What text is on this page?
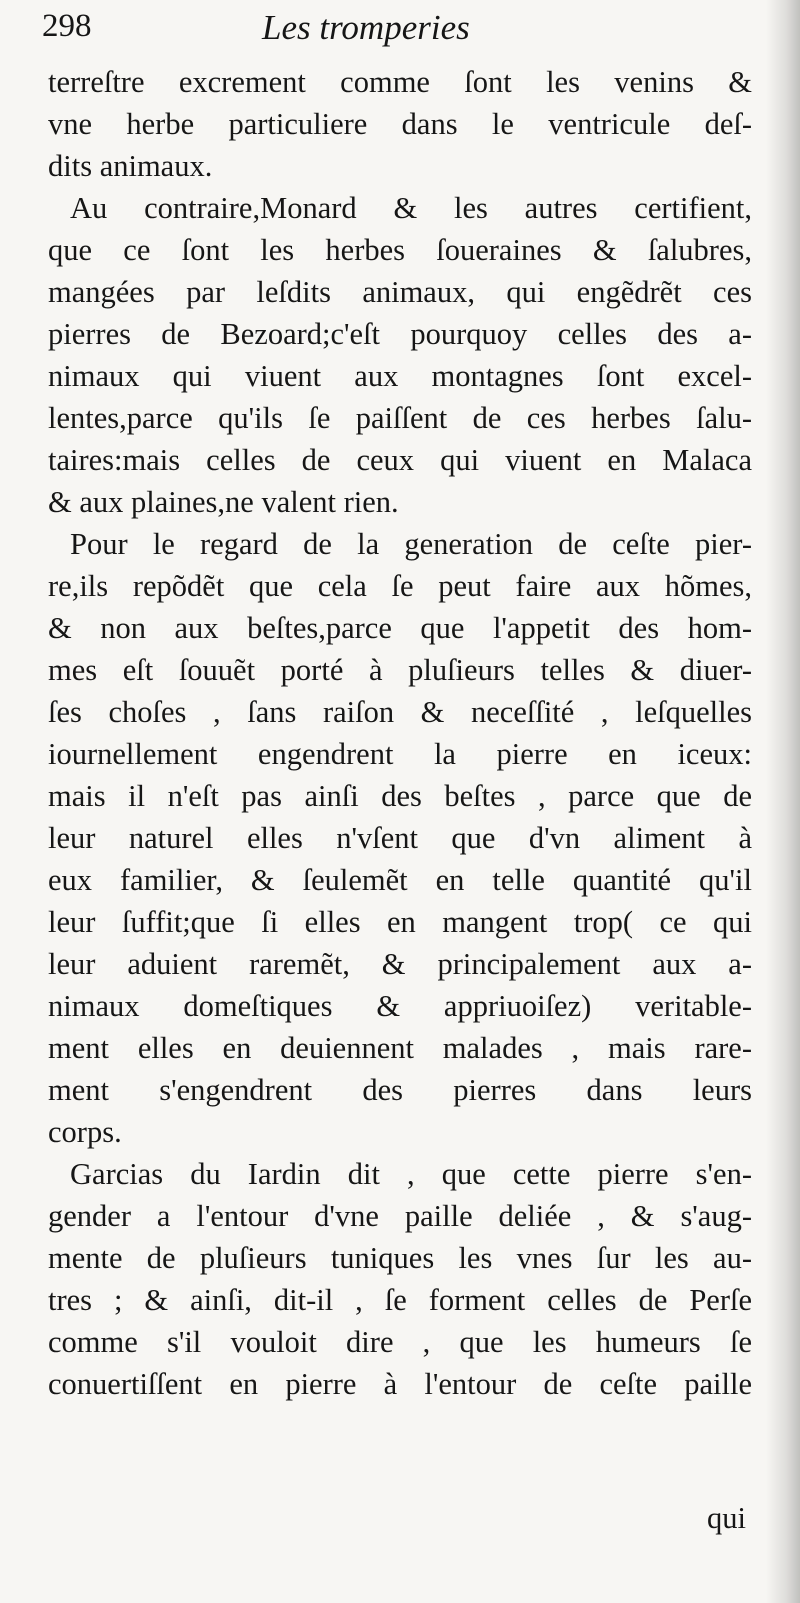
298	Les tromperies
terreſtre excrement comme ſont les venins &
vne herbe particuliere dans le ventricule deſ-
dits animaux.
Au contraire,Monard & les autres certifient,
que ce ſont les herbes ſoueraines & ſalubres,
mangées par leſdits animaux, qui engẽdrẽt ces
pierres de Bezoard;c'eſt pourquoy celles des a-
nimaux qui viuent aux montagnes ſont excel-
lentes,parce qu'ils ſe paiſſent de ces herbes ſalu-
taires:mais celles de ceux qui viuent en Malaca
& aux plaines,ne valent rien.
Pour le regard de la generation de ceſte pier-
re,ils repõdẽt que cela ſe peut faire aux hõmes,
& non aux beſtes,parce que l'appetit des hom-
mes eſt ſouuẽt porté à pluſieurs telles & diuer-
ſes choſes , ſans raiſon & neceſſité , leſquelles
iournellement engendrent la pierre en iceux:
mais il n'eſt pas ainſi des beſtes , parce que de
leur naturel elles n'vſent que d'vn aliment à
eux familier, & ſeulemẽt en telle quantité qu'il
leur ſuffit;que ſi elles en mangent trop( ce qui
leur aduient raremẽt, & principalement aux a-
nimaux domeſtiques & appriuoiſez) veritable-
ment elles en deuiennent malades , mais rare-
ment s'engendrent des pierres dans leurs
corps.
Garcias du Iardin dit , que cette pierre s'en-
gender a l'entour d'vne paille deliée , & s'aug-
mente de pluſieurs tuniques les vnes ſur les au-
tres ; & ainſi, dit-il , ſe forment celles de Perſe
comme s'il vouloit dire , que les humeurs ſe
conuertiſſent en pierre à l'entour de ceſte paille
qui
